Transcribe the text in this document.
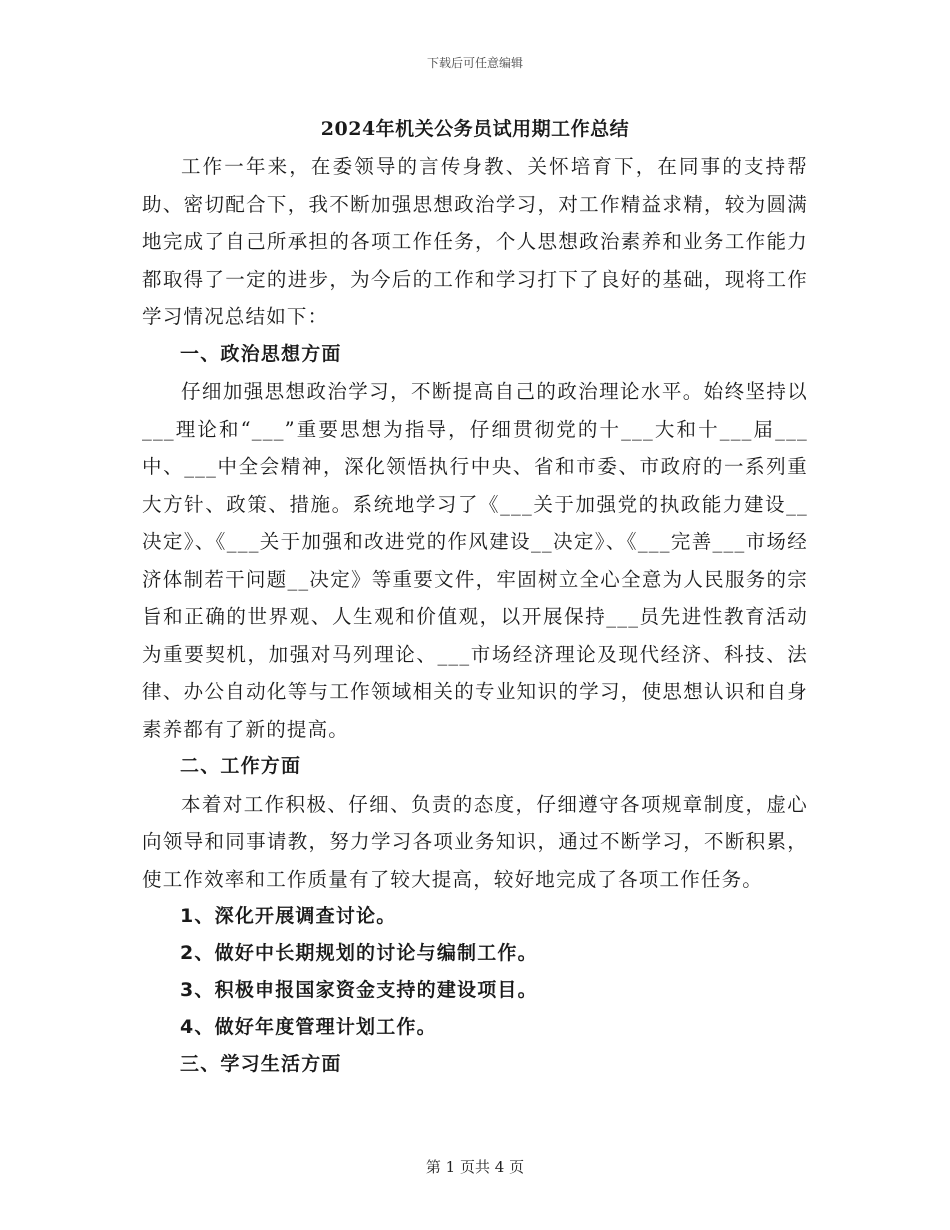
下载后可任意编辑
2024年机关公务员试用期工作总结

工作一年来，在委领导的言传身教、关怀培育下，在同事的支持帮助、密切配合下，我不断加强思想政治学习，对工作精益求精，较为圆满地完成了自己所承担的各项工作任务，个人思想政治素养和业务工作能力都取得了一定的进步，为今后的工作和学习打下了良好的基础，现将工作学习情况总结如下：

一、政治思想方面

仔细加强思想政治学习，不断提高自己的政治理论水平。始终坚持以___理论和“___”重要思想为指导，仔细贯彻党的十___大和十___届___中、___中全会精神，深化领悟执行中央、省和市委、市政府的一系列重大方针、政策、措施。系统地学习了《___关于加强党的执政能力建设__决定》、《___关于加强和改进党的作风建设__决定》、《___完善___市场经济体制若干问题__决定》等重要文件，牢固树立全心全意为人民服务的宗旨和正确的世界观、人生观和价值观，以开展保持___员先进性教育活动为重要契机，加强对马列理论、___市场经济理论及现代经济、科技、法律、办公自动化等与工作领域相关的专业知识的学习，使思想认识和自身素养都有了新的提高。

二、工作方面

本着对工作积极、仔细、负责的态度，仔细遵守各项规章制度，虚心向领导和同事请教，努力学习各项业务知识，通过不断学习，不断积累，使工作效率和工作质量有了较大提高，较好地完成了各项工作任务。

1、深化开展调查讨论。

2、做好中长期规划的讨论与编制工作。

3、积极申报国家资金支持的建设项目。

4、做好年度管理计划工作。

三、学习生活方面

第 1 页共 4 页
